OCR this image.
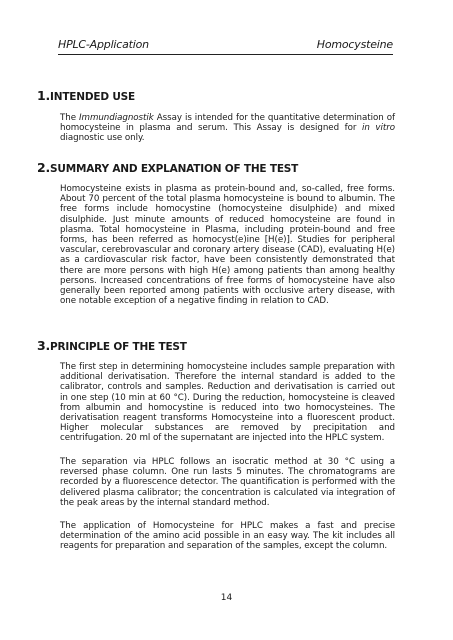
HPLC-Application	Homocysteine
1.INTENDED USE

The Immundiagnostik Assay is intended for the quantitative determination of homocysteine in plasma and serum. This Assay is designed for in vitro diagnostic use only.

2.SUMMARY AND EXPLANATION OF THE TEST

Homocysteine exists in plasma as protein-bound and, so-called, free forms. About 70 percent of the total plasma homocysteine is bound to albumin. The free forms include homocystine (homocysteine disulphide) and mixed disulphide. Just minute amounts of reduced homocysteine are found in plasma. Total homocysteine in Plasma, including protein-bound and free forms, has been referred as homocyst(e)ine [H(e)]. Studies for peripheral vascular, cerebrovascular and coronary artery disease (CAD), evaluating H(e) as a cardiovascular risk factor, have been consistently demonstrated that there are more persons with high H(e) among patients than among healthy persons. Increased concentrations of free forms of homocysteine have also generally been reported among patients with occlusive artery disease, with one notable exception of a negative finding in relation to CAD.

3.PRINCIPLE OF THE TEST

The first step in determining homocysteine includes sample preparation with additional derivatisation. Therefore the internal standard is added to the calibrator, controls and samples. Reduction and derivatisation is carried out in one step (10 min at 60 °C). During the reduction, homocysteine is cleaved from albumin and homocystine is reduced into two homocysteines. The derivatisation reagent transforms Homocysteine into a fluorescent product. Higher molecular substances are removed by precipitation and centrifugation. 20 ml of the supernatant are injected into the HPLC system.

The separation via HPLC follows an isocratic method at 30 °C using a reversed phase column. One run lasts 5 minutes. The chromatograms are recorded by a fluorescence detector. The quantification is performed with the delivered plasma calibrator; the concentration is calculated via integration of the peak areas by the internal standard method.

The application of Homocysteine for HPLC makes a fast and precise determination of the amino acid possible in an easy way. The kit includes all reagents for preparation and separation of the samples, except the column.

14
